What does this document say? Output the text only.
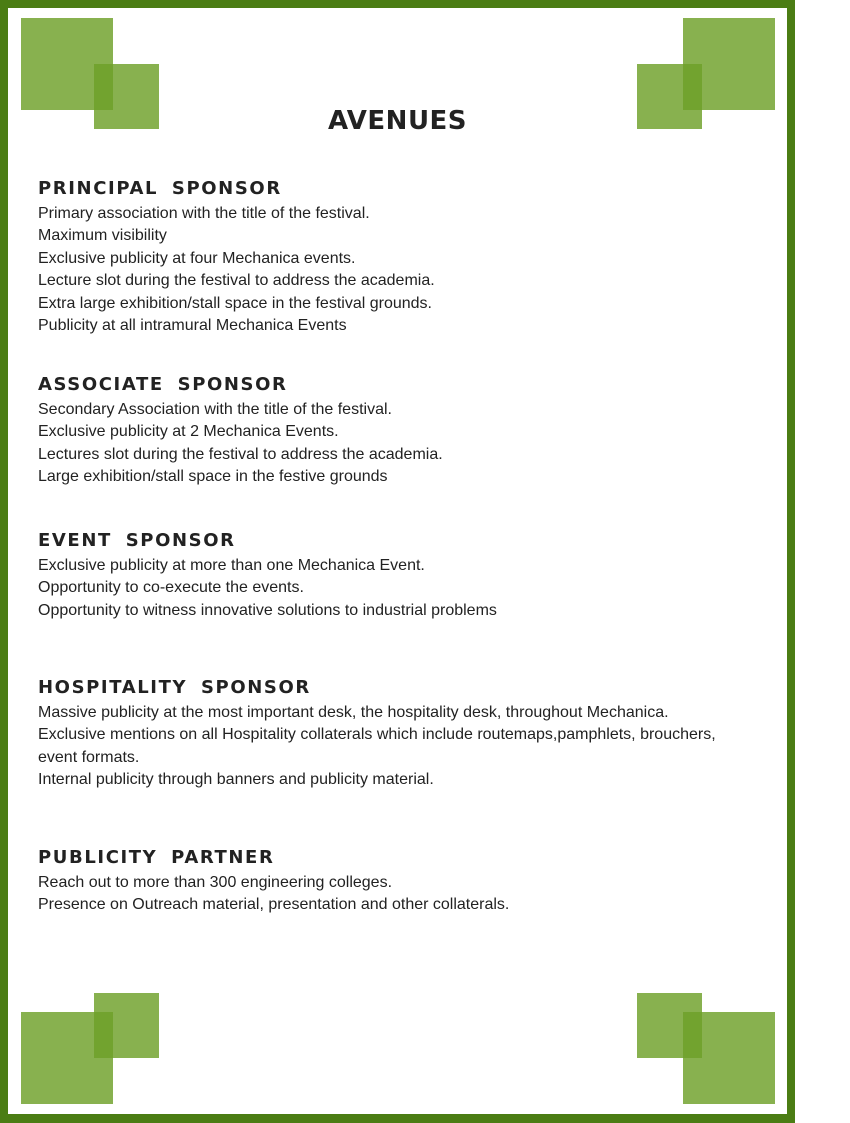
AVENUES
PRINCIPAL SPONSOR
Primary association with the title of the festival.
Maximum visibility
Exclusive publicity at four Mechanica events.
Lecture slot during the festival to address the academia.
Extra large exhibition/stall space in the festival grounds.
Publicity at all intramural Mechanica Events
ASSOCIATE SPONSOR
Secondary Association with the title of the festival.
Exclusive publicity at 2 Mechanica Events.
Lectures slot during the festival to address the academia.
Large exhibition/stall space in the festive grounds
EVENT SPONSOR
Exclusive publicity at more than one Mechanica Event.
Opportunity to co-execute the events.
Opportunity to witness innovative solutions to industrial problems
HOSPITALITY SPONSOR
Massive publicity at the most important desk, the hospitality desk, throughout Mechanica.
Exclusive mentions on all Hospitality collaterals which include routemaps,pamphlets, brouchers, event formats.
Internal publicity through banners and publicity material.
PUBLICITY PARTNER
Reach out to more than 300 engineering colleges.
Presence on Outreach material, presentation and other collaterals.
